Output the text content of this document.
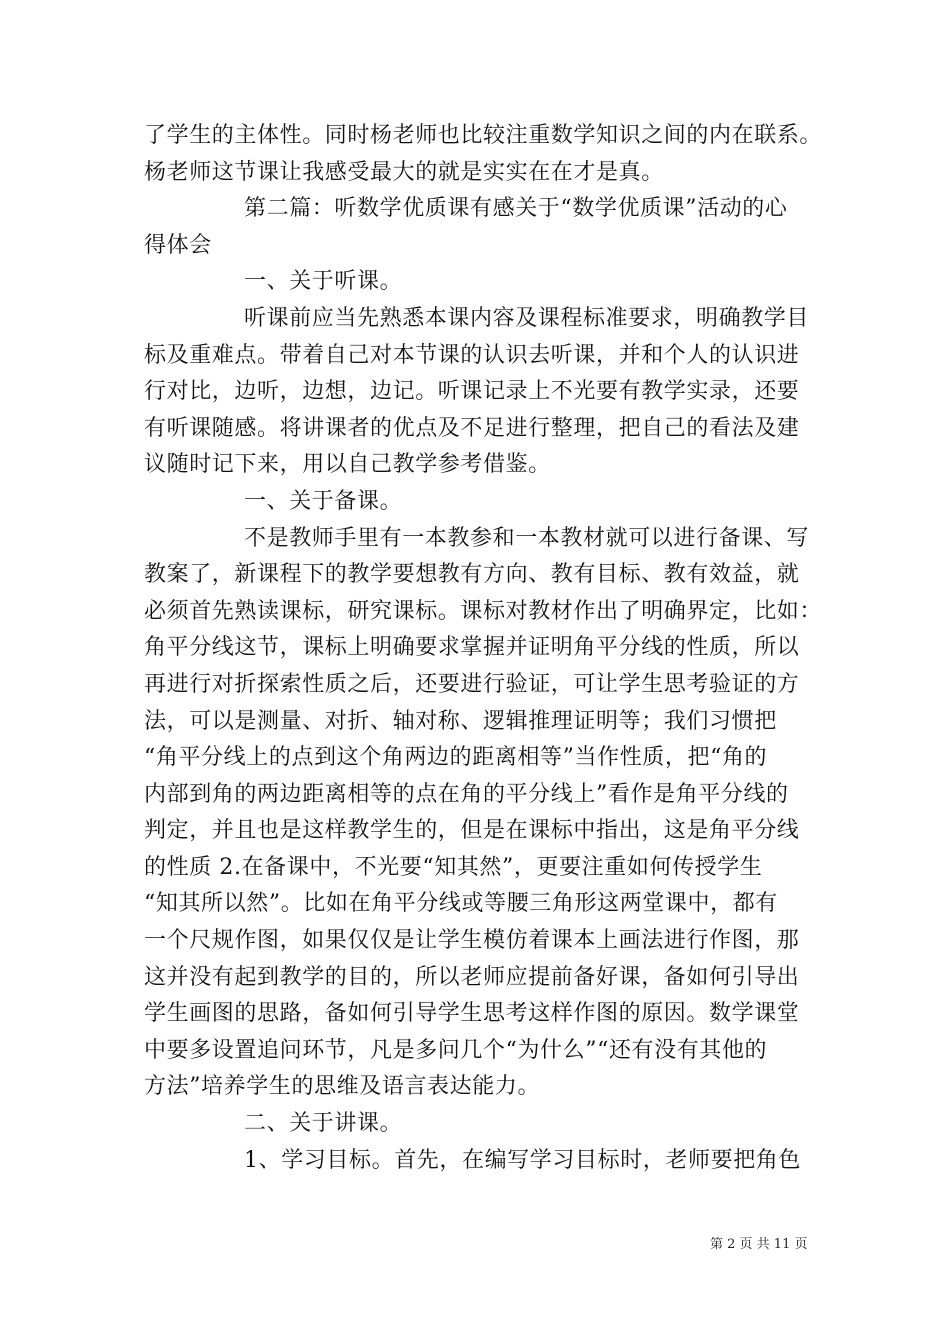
了学生的主体性。同时杨老师也比较注重数学知识之间的内在联系。
杨老师这节课让我感受最大的就是实实在在才是真。
第二篇：听数学优质课有感关于“数学优质课”活动的心
得体会
一、关于听课。
听课前应当先熟悉本课内容及课程标准要求，明确教学目
标及重难点。带着自己对本节课的认识去听课，并和个人的认识进
行对比，边听，边想，边记。听课记录上不光要有教学实录，还要
有听课随感。将讲课者的优点及不足进行整理，把自己的看法及建
议随时记下来，用以自己教学参考借鉴。
一、关于备课。
不是教师手里有一本教参和一本教材就可以进行备课、写
教案了，新课程下的教学要想教有方向、教有目标、教有效益，就
必须首先熟读课标，研究课标。课标对教材作出了明确界定，比如：
角平分线这节，课标上明确要求掌握并证明角平分线的性质，所以
再进行对折探索性质之后，还要进行验证，可让学生思考验证的方
法，可以是测量、对折、轴对称、逻辑推理证明等；我们习惯把
“角平分线上的点到这个角两边的距离相等”当作性质，把“角的
内部到角的两边距离相等的点在角的平分线上”看作是角平分线的
判定，并且也是这样教学生的，但是在课标中指出，这是角平分线
的性质 2.在备课中，不光要“知其然”，更要注重如何传授学生
“知其所以然”。比如在角平分线或等腰三角形这两堂课中，都有
一个尺规作图，如果仅仅是让学生模仿着课本上画法进行作图，那
这并没有起到教学的目的，所以老师应提前备好课，备如何引导出
学生画图的思路，备如何引导学生思考这样作图的原因。数学课堂
中要多设置追问环节，凡是多问几个“为什么”“还有没有其他的
方法”培养学生的思维及语言表达能力。
二、关于讲课。
1、学习目标。首先，在编写学习目标时，老师要把角色
第 2 页 共 11 页
